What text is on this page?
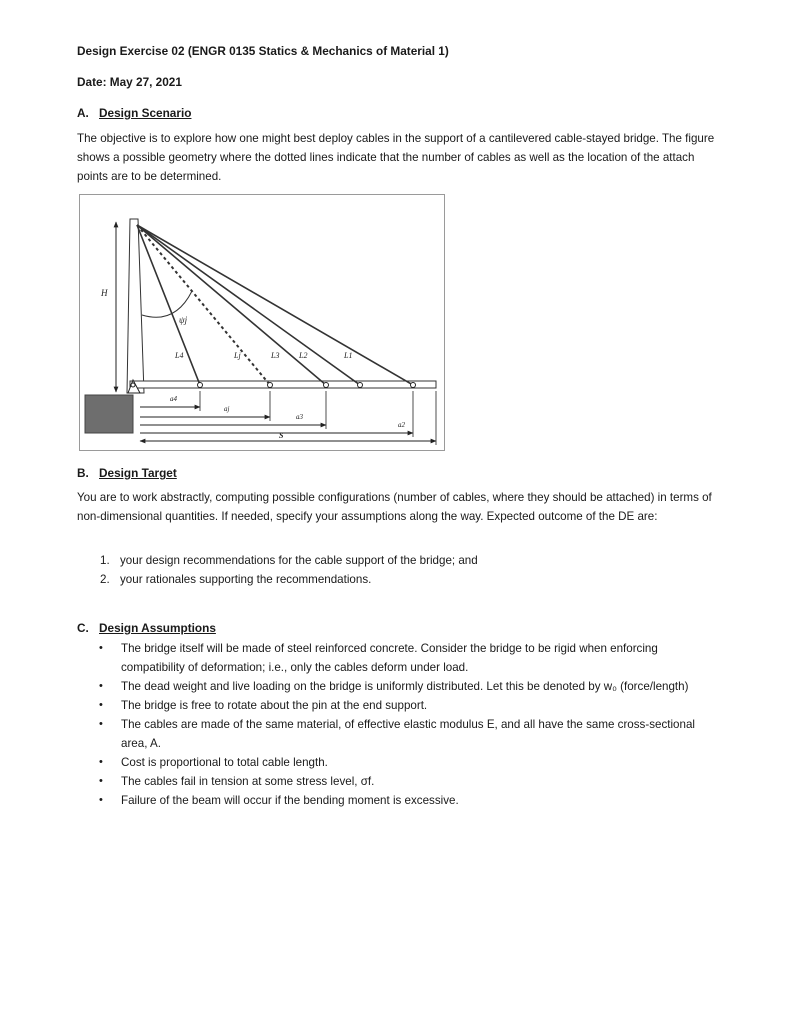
Design Exercise 02 (ENGR 0135 Statics & Mechanics of Material 1)
Date: May 27, 2021
A. Design Scenario
The objective is to explore how one might best deploy cables in the support of a cantilevered cable-stayed bridge. The figure shows a possible geometry where the dotted lines indicate that the number of cables as well as the location of the attach points are to be determined.
H
ψj
L4	Lj	L3 L2	L1
a4
aj
a3
a2
S
B. Design Target
You are to work abstractly, computing possible configurations (number of cables, where they should be attached) in terms of non-dimensional quantities. If needed, specify your assumptions along the way. Expected outcome of the DE are:
1. your design recommendations for the cable support of the bridge; and
2. your rationales supporting the recommendations.
C. Design Assumptions
• The bridge itself will be made of steel reinforced concrete. Consider the bridge to be rigid when enforcing compatibility of deformation; i.e., only the cables deform under load.
• The dead weight and live loading on the bridge is uniformly distributed. Let this be denoted by w₀ (force/length)
• The bridge is free to rotate about the pin at the end support.
• The cables are made of the same material, of effective elastic modulus E, and all have the same cross-sectional area, A.
• Cost is proportional to total cable length.
• The cables fail in tension at some stress level, σf.
• Failure of the beam will occur if the bending moment is excessive.
